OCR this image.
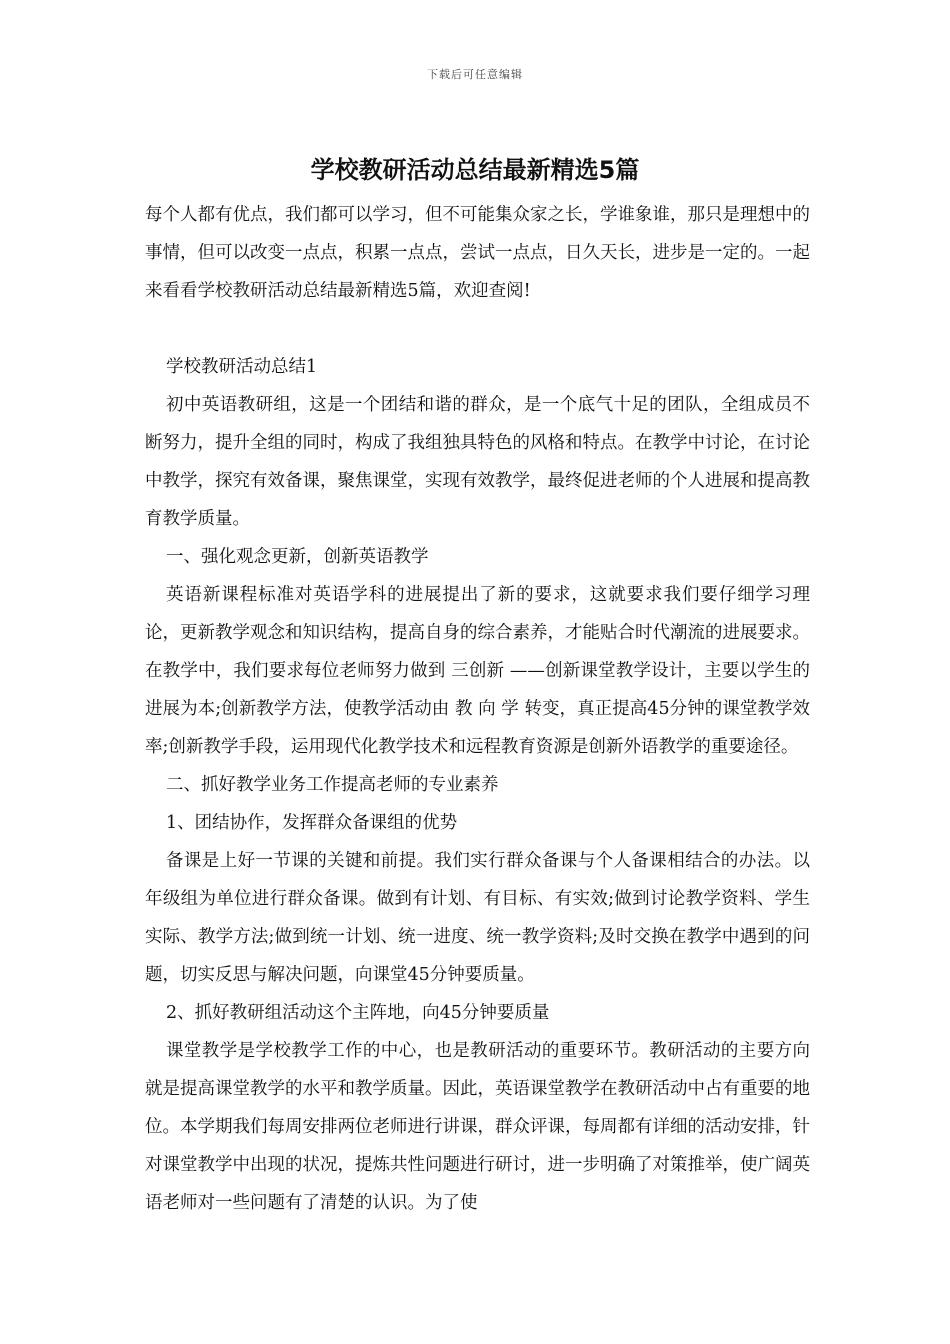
下载后可任意编辑
学校教研活动总结最新精选5篇

每个人都有优点，我们都可以学习，但不可能集众家之长，学谁象谁，那只是理想中的事情，但可以改变一点点，积累一点点，尝试一点点，日久天长，进步是一定的。一起来看看学校教研活动总结最新精选5篇，欢迎查阅!

学校教研活动总结1

初中英语教研组，这是一个团结和谐的群众，是一个底气十足的团队，全组成员不断努力，提升全组的同时，构成了我组独具特色的风格和特点。在教学中讨论，在讨论中教学，探究有效备课，聚焦课堂，实现有效教学，最终促进老师的个人进展和提高教育教学质量。

一、强化观念更新，创新英语教学

英语新课程标准对英语学科的进展提出了新的要求，这就要求我们要仔细学习理论，更新教学观念和知识结构，提高自身的综合素养，才能贴合时代潮流的进展要求。在教学中，我们要求每位老师努力做到 三创新 ——创新课堂教学设计，主要以学生的进展为本;创新教学方法，使教学活动由 教 向 学 转变，真正提高45分钟的课堂教学效率;创新教学手段，运用现代化教学技术和远程教育资源是创新外语教学的重要途径。

二、抓好教学业务工作提高老师的专业素养

1、团结协作，发挥群众备课组的优势

备课是上好一节课的关键和前提。我们实行群众备课与个人备课相结合的办法。以年级组为单位进行群众备课。做到有计划、有目标、有实效;做到讨论教学资料、学生实际、教学方法;做到统一计划、统一进度、统一教学资料;及时交换在教学中遇到的问题，切实反思与解决问题，向课堂45分钟要质量。

2、抓好教研组活动这个主阵地，向45分钟要质量

课堂教学是学校教学工作的中心，也是教研活动的重要环节。教研活动的主要方向就是提高课堂教学的水平和教学质量。因此，英语课堂教学在教研活动中占有重要的地位。本学期我们每周安排两位老师进行讲课，群众评课，每周都有详细的活动安排，针对课堂教学中出现的状况，提炼共性问题进行研讨，进一步明确了对策推举，使广阔英语老师对一些问题有了清楚的认识。为了使
